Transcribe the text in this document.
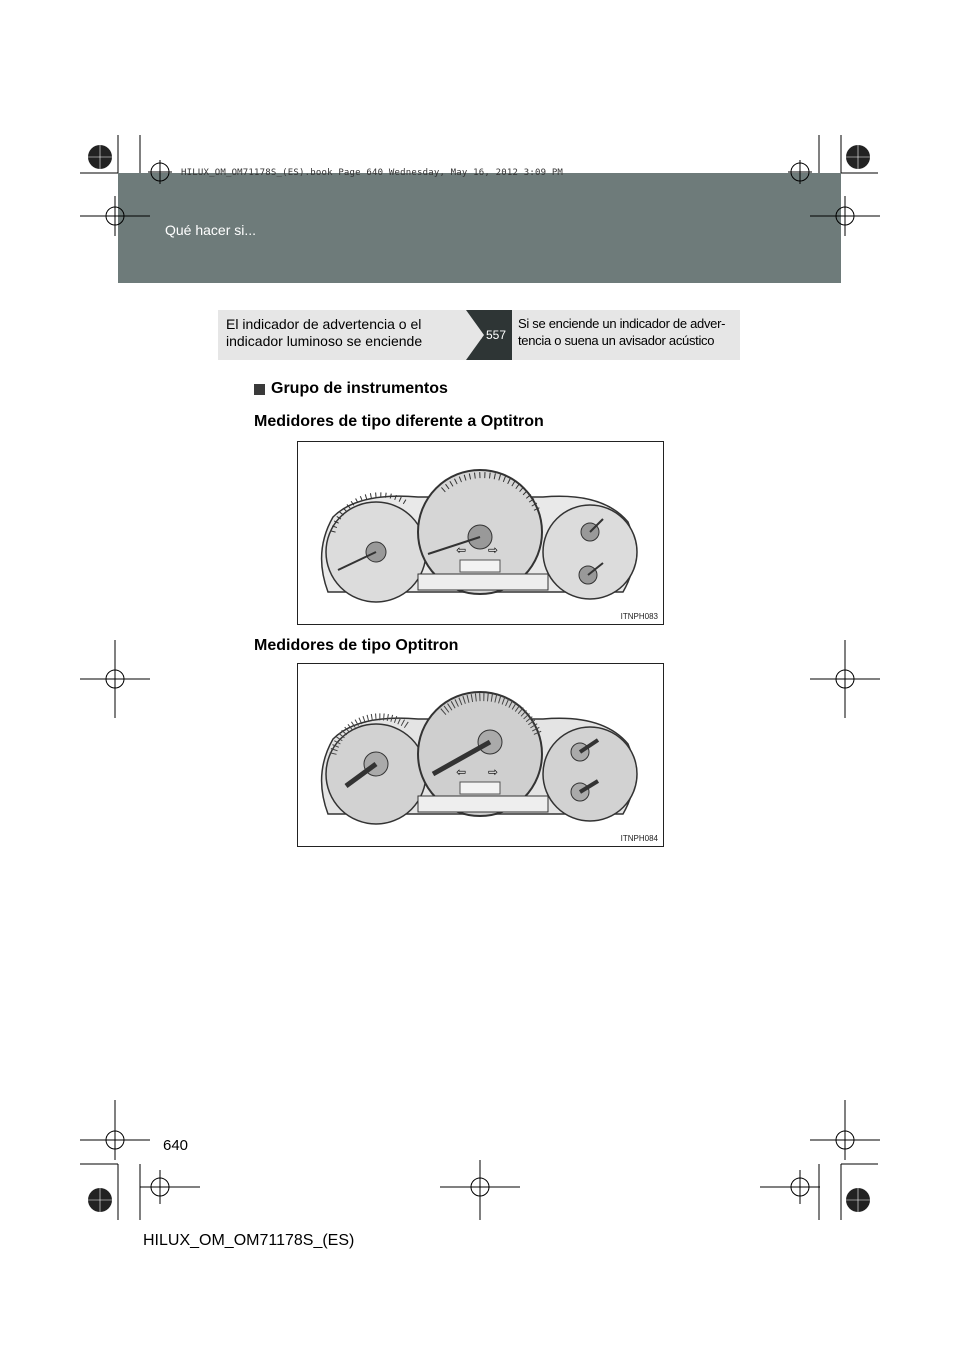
Qué hacer si...
HILUX_OM_OM71178S_(ES).book Page 640 Wednesday, May 16, 2012 3:09 PM
El indicador de advertencia o el indicador luminoso se enciende	P. 557
Si se enciende un indicador de adver-tencia o suena un avisador acústico
Grupo de instrumentos
Medidores de tipo diferente a Optitron
⇦ ⇨
ITNPH083
Medidores de tipo Optitron
⇦ ⇨
ITNPH084
640
HILUX_OM_OM71178S_(ES)
